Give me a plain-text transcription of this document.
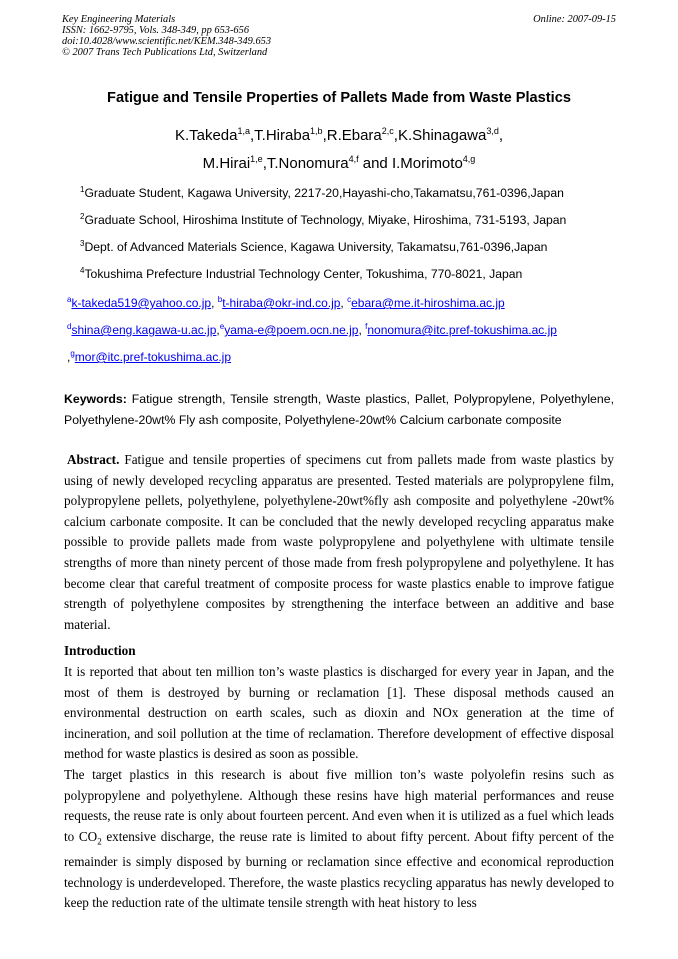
Key Engineering Materials
ISSN: 1662-9795, Vols. 348-349, pp 653-656
doi:10.4028/www.scientific.net/KEM.348-349.653
© 2007 Trans Tech Publications Ltd, Switzerland
Online: 2007-09-15
Fatigue and Tensile Properties of Pallets Made from Waste Plastics
K.Takeda$^{1,a}$,T.Hiraba$^{1,b}$,R.Ebara$^{2,c}$,K.Shinagawa$^{3,d}$,
M.Hirai$^{1,e}$,T.Nonomura$^{4,f}$ and I.Morimoto$^{4,g}$
$^1$Graduate Student, Kagawa University, 2217-20,Hayashi-cho,Takamatsu,761-0396,Japan
$^2$Graduate School, Hiroshima Institute of Technology, Miyake, Hiroshima, 731-5193, Japan
$^3$Dept. of Advanced Materials Science, Kagawa University, Takamatsu,761-0396,Japan
$^4$Tokushima Prefecture Industrial Technology Center, Tokushima, 770-8021, Japan
$^a$k-takeda519@yahoo.co.jp, $^b$t-hiraba@okr-ind.co.jp, $^c$ebara@me.it-hiroshima.ac.jp
$^d$shina@eng.kagawa-u.ac.jp,$^e$yama-e@poem.ocn.ne.jp, $^f$nonomura@itc.pref-tokushima.ac.jp
,$^g$mor@itc.pref-tokushima.ac.jp
Keywords: Fatigue strength, Tensile strength, Waste plastics, Pallet, Polypropylene, Polyethylene, Polyethylene-20wt% Fly ash composite, Polyethylene-20wt% Calcium carbonate composite
Abstract. Fatigue and tensile properties of specimens cut from pallets made from waste plastics by using of newly developed recycling apparatus are presented. Tested materials are polypropylene film, polypropylene pellets, polyethylene, polyethylene-20wt%fly ash composite and polyethylene -20wt% calcium carbonate composite. It can be concluded that the newly developed recycling apparatus make possible to provide pallets made from waste polypropylene and polyethylene with ultimate tensile strengths of more than ninety percent of those made from fresh polypropylene and polyethylene. It has become clear that careful treatment of composite process for waste plastics enable to improve fatigue strength of polyethylene composites by strengthening the interface between an additive and base material.
Introduction

It is reported that about ten million ton’s waste plastics is discharged for every year in Japan, and the most of them is destroyed by burning or reclamation [1]. These disposal methods caused an environmental destruction on earth scales, such as dioxin and NOx generation at the time of incineration, and soil pollution at the time of reclamation. Therefore development of effective disposal method for waste plastics is desired as soon as possible.

The target plastics in this research is about five million ton’s waste polyolefin resins such as polypropylene and polyethylene. Although these resins have high material performances and reuse requests, the reuse rate is only about fourteen percent. And even when it is utilized as a fuel which leads to $CO_2$ extensive discharge, the reuse rate is limited to about fifty percent. About fifty percent of the remainder is simply disposed by burning or reclamation since effective and economical reproduction technology is underdeveloped. Therefore, the waste plastics recycling apparatus has newly developed to keep the reduction rate of the ultimate tensile strength with heat history to less
